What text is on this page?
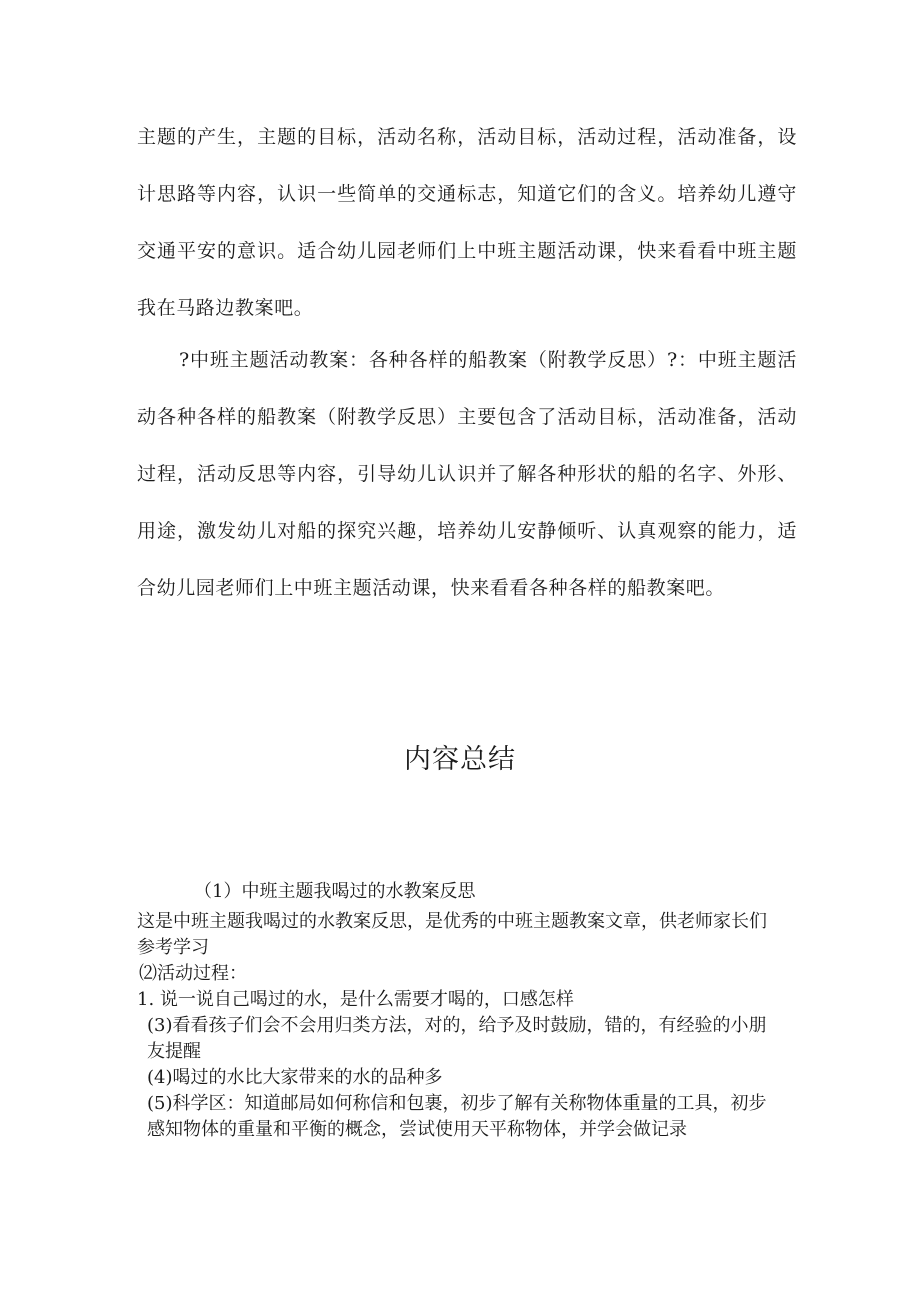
主题的产生，主题的目标，活动名称，活动目标，活动过程，活动准备，设计思路等内容，认识一些简单的交通标志，知道它们的含义。培养幼儿遵守交通平安的意识。适合幼儿园老师们上中班主题活动课，快来看看中班主题我在马路边教案吧。

?中班主题活动教案：各种各样的船教案（附教学反思）?：中班主题活动各种各样的船教案（附教学反思）主要包含了活动目标，活动准备，活动过程，活动反思等内容，引导幼儿认识并了解各种形状的船的名字、外形、用途，激发幼儿对船的探究兴趣，培养幼儿安静倾听、认真观察的能力，适合幼儿园老师们上中班主题活动课，快来看看各种各样的船教案吧。

内容总结
（1）中班主题我喝过的水教案反思
这是中班主题我喝过的水教案反思，是优秀的中班主题教案文章，供老师家长们参考学习
⑵活动过程：
1. 说一说自己喝过的水，是什么需要才喝的，口感怎样
(3)看看孩子们会不会用归类方法，对的，给予及时鼓励，错的，有经验的小朋友提醒
(4)喝过的水比大家带来的水的品种多
(5)科学区：知道邮局如何称信和包裹，初步了解有关称物体重量的工具，初步感知物体的重量和平衡的概念，尝试使用天平称物体，并学会做记录
